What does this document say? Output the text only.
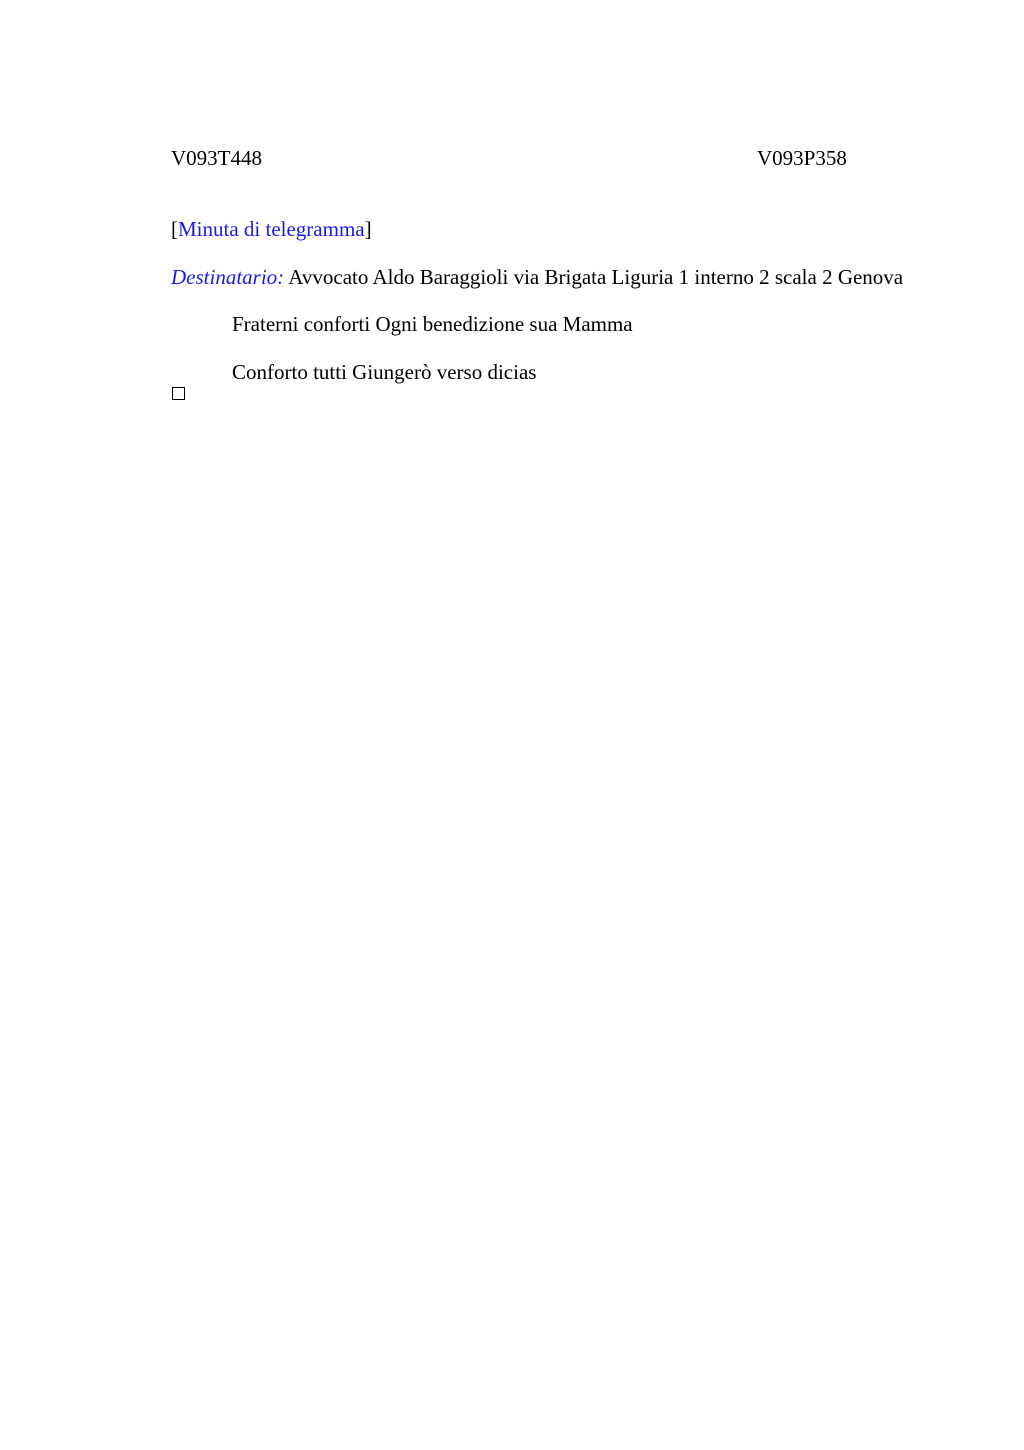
V093T448	V093P358
[Minuta di telegramma]
Destinatario: Avvocato Aldo Baraggioli via Brigata Liguria 1 interno 2 scala 2 Genova
Fraterni conforti Ogni benedizione sua Mamma
Conforto tutti Giungerò verso dicias
